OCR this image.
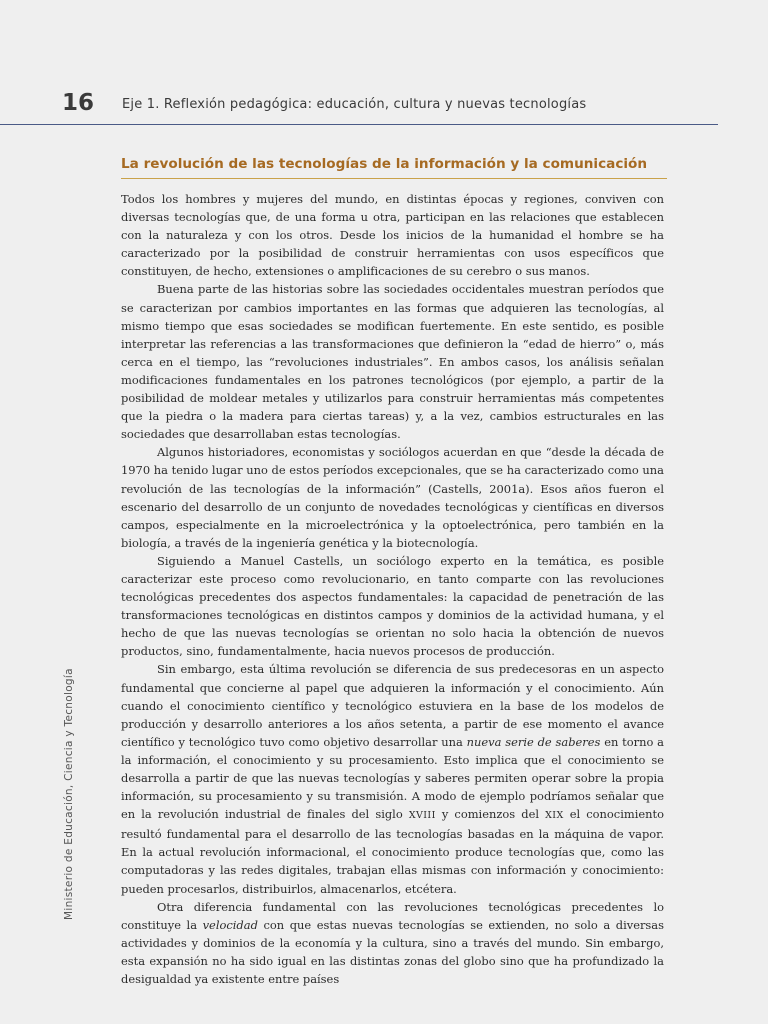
16 Eje 1. Reflexión pedagógica: educación, cultura y nuevas tecnologías
La revolución de las tecnologías de la información y la comunicación

Todos los hombres y mujeres del mundo, en distintas épocas y regiones, conviven con diversas tecnologías que, de una forma u otra, participan en las relaciones que establecen con la naturaleza y con los otros. Desde los inicios de la humanidad el hombre se ha caracterizado por la posibilidad de construir herramientas con usos específicos que constituyen, de hecho, extensiones o amplificaciones de su cerebro o sus manos.

Buena parte de las historias sobre las sociedades occidentales muestran períodos que se caracterizan por cambios importantes en las formas que adquieren las tecnologías, al mismo tiempo que esas sociedades se modifican fuertemente. En este sentido, es posible interpretar las referencias a las transformaciones que definieron la “edad de hierro” o, más cerca en el tiempo, las “revoluciones industriales”. En ambos casos, los análisis señalan modificaciones fundamentales en los patrones tecnológicos (por ejemplo, a partir de la posibilidad de moldear metales y utilizarlos para construir herramientas más competentes que la piedra o la madera para ciertas tareas) y, a la vez, cambios estructurales en las sociedades que desarrollaban estas tecnologías.

Algunos historiadores, economistas y sociólogos acuerdan en que “desde la década de 1970 ha tenido lugar uno de estos períodos excepcionales, que se ha caracterizado como una revolución de las tecnologías de la información” (Castells, 2001a). Esos años fueron el escenario del desarrollo de un conjunto de novedades tecnológicas y científicas en diversos campos, especialmente en la microelectrónica y la optoelectrónica, pero también en la biología, a través de la ingeniería genética y la biotecnología.

Siguiendo a Manuel Castells, un sociólogo experto en la temática, es posible caracterizar este proceso como revolucionario, en tanto comparte con las revoluciones tecnológicas precedentes dos aspectos fundamentales: la capacidad de penetración de las transformaciones tecnológicas en distintos campos y dominios de la actividad humana, y el hecho de que las nuevas tecnologías se orientan no solo hacia la obtención de nuevos productos, sino, fundamentalmente, hacia nuevos procesos de producción.

Sin embargo, esta última revolución se diferencia de sus predecesoras en un aspecto fundamental que concierne al papel que adquieren la información y el conocimiento. Aún cuando el conocimiento científico y tecnológico estuviera en la base de los modelos de producción y desarrollo anteriores a los años setenta, a partir de ese momento el avance científico y tecnológico tuvo como objetivo desarrollar una nueva serie de saberes en torno a la información, el conocimiento y su procesamiento. Esto implica que el conocimiento se desarrolla a partir de que las nuevas tecnologías y saberes permiten operar sobre la propia información, su procesamiento y su transmisión. A modo de ejemplo podríamos señalar que en la revolución industrial de finales del siglo XVIII y comienzos del XIX el conocimiento resultó fundamental para el desarrollo de las tecnologías basadas en la máquina de vapor. En la actual revolución informacional, el conocimiento produce tecnologías que, como las computadoras y las redes digitales, trabajan ellas mismas con información y conocimiento: pueden procesarlos, distribuirlos, almacenarlos, etcétera.

Otra diferencia fundamental con las revoluciones tecnológicas precedentes lo constituye la velocidad con que estas nuevas tecnologías se extienden, no solo a diversas actividades y dominios de la economía y la cultura, sino a través del mundo. Sin embargo, esta expansión no ha sido igual en las distintas zonas del globo sino que ha profundizado la desigualdad ya existente entre países

Ministerio de Educación, Ciencia y Tecnología
